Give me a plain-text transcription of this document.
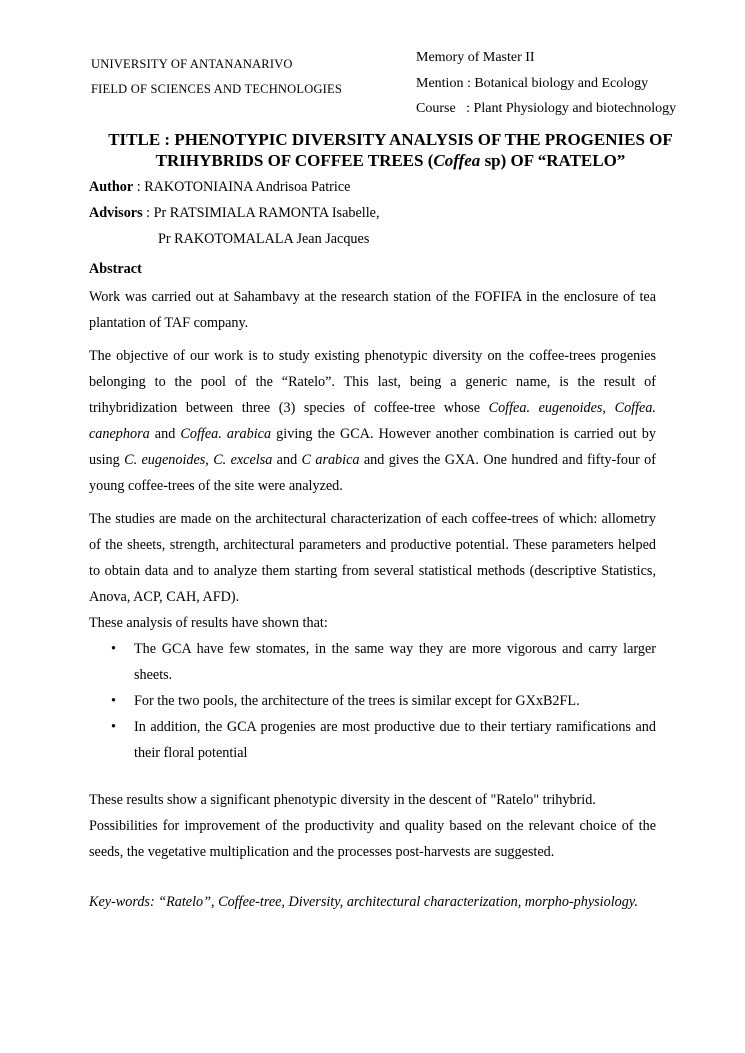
UNIVERSITY OF ANTANANARIVO
FIELD OF SCIENCES AND TECHNOLOGIES
Memory of Master II
Mention : Botanical biology and Ecology
Course   : Plant Physiology and biotechnology
TITLE : PHENOTYPIC DIVERSITY ANALYSIS OF THE PROGENIES OF
TRIHYBRIDS OF COFFEE TREES (Coffea sp) OF “RATELO”
Author : RAKOTONIAINA Andrisoa Patrice
Advisors : Pr RATSIMIALA RAMONTA Isabelle,
Pr RAKOTOMALALA Jean Jacques
Abstract
Work was carried out at Sahambavy at the research station of the FOFIFA in the enclosure of tea plantation of TAF company.
The objective of our work is to study existing phenotypic diversity on the coffee-trees progenies belonging to the pool of the “Ratelo”. This last, being a generic name, is the result of trihybridization between three (3) species of coffee-tree whose Coffea. eugenoides, Coffea. canephora and Coffea. arabica giving the GCA. However another combination is carried out by using C. eugenoides, C. excelsa and C arabica and gives the GXA. One hundred and fifty-four of young coffee-trees of the site were analyzed.
The studies are made on the architectural characterization of each coffee-trees of which: allometry of the sheets, strength, architectural parameters and productive potential. These parameters helped to obtain data and to analyze them starting from several statistical methods (descriptive Statistics, Anova, ACP, CAH, AFD).
These analysis of results have shown that:
• The GCA have few stomates, in the same way they are more vigorous and carry larger sheets.
• For the two pools, the architecture of the trees is similar except for GXxB2FL.
• In addition, the GCA progenies are most productive due to their tertiary ramifications and their floral potential
These results show a significant phenotypic diversity in the descent of "Ratelo" trihybrid.
Possibilities for improvement of the productivity and quality based on the relevant choice of the seeds, the vegetative multiplication and the processes post-harvests are suggested.
Key-words: “Ratelo”, Coffee-tree, Diversity, architectural characterization, morpho-physiology.
